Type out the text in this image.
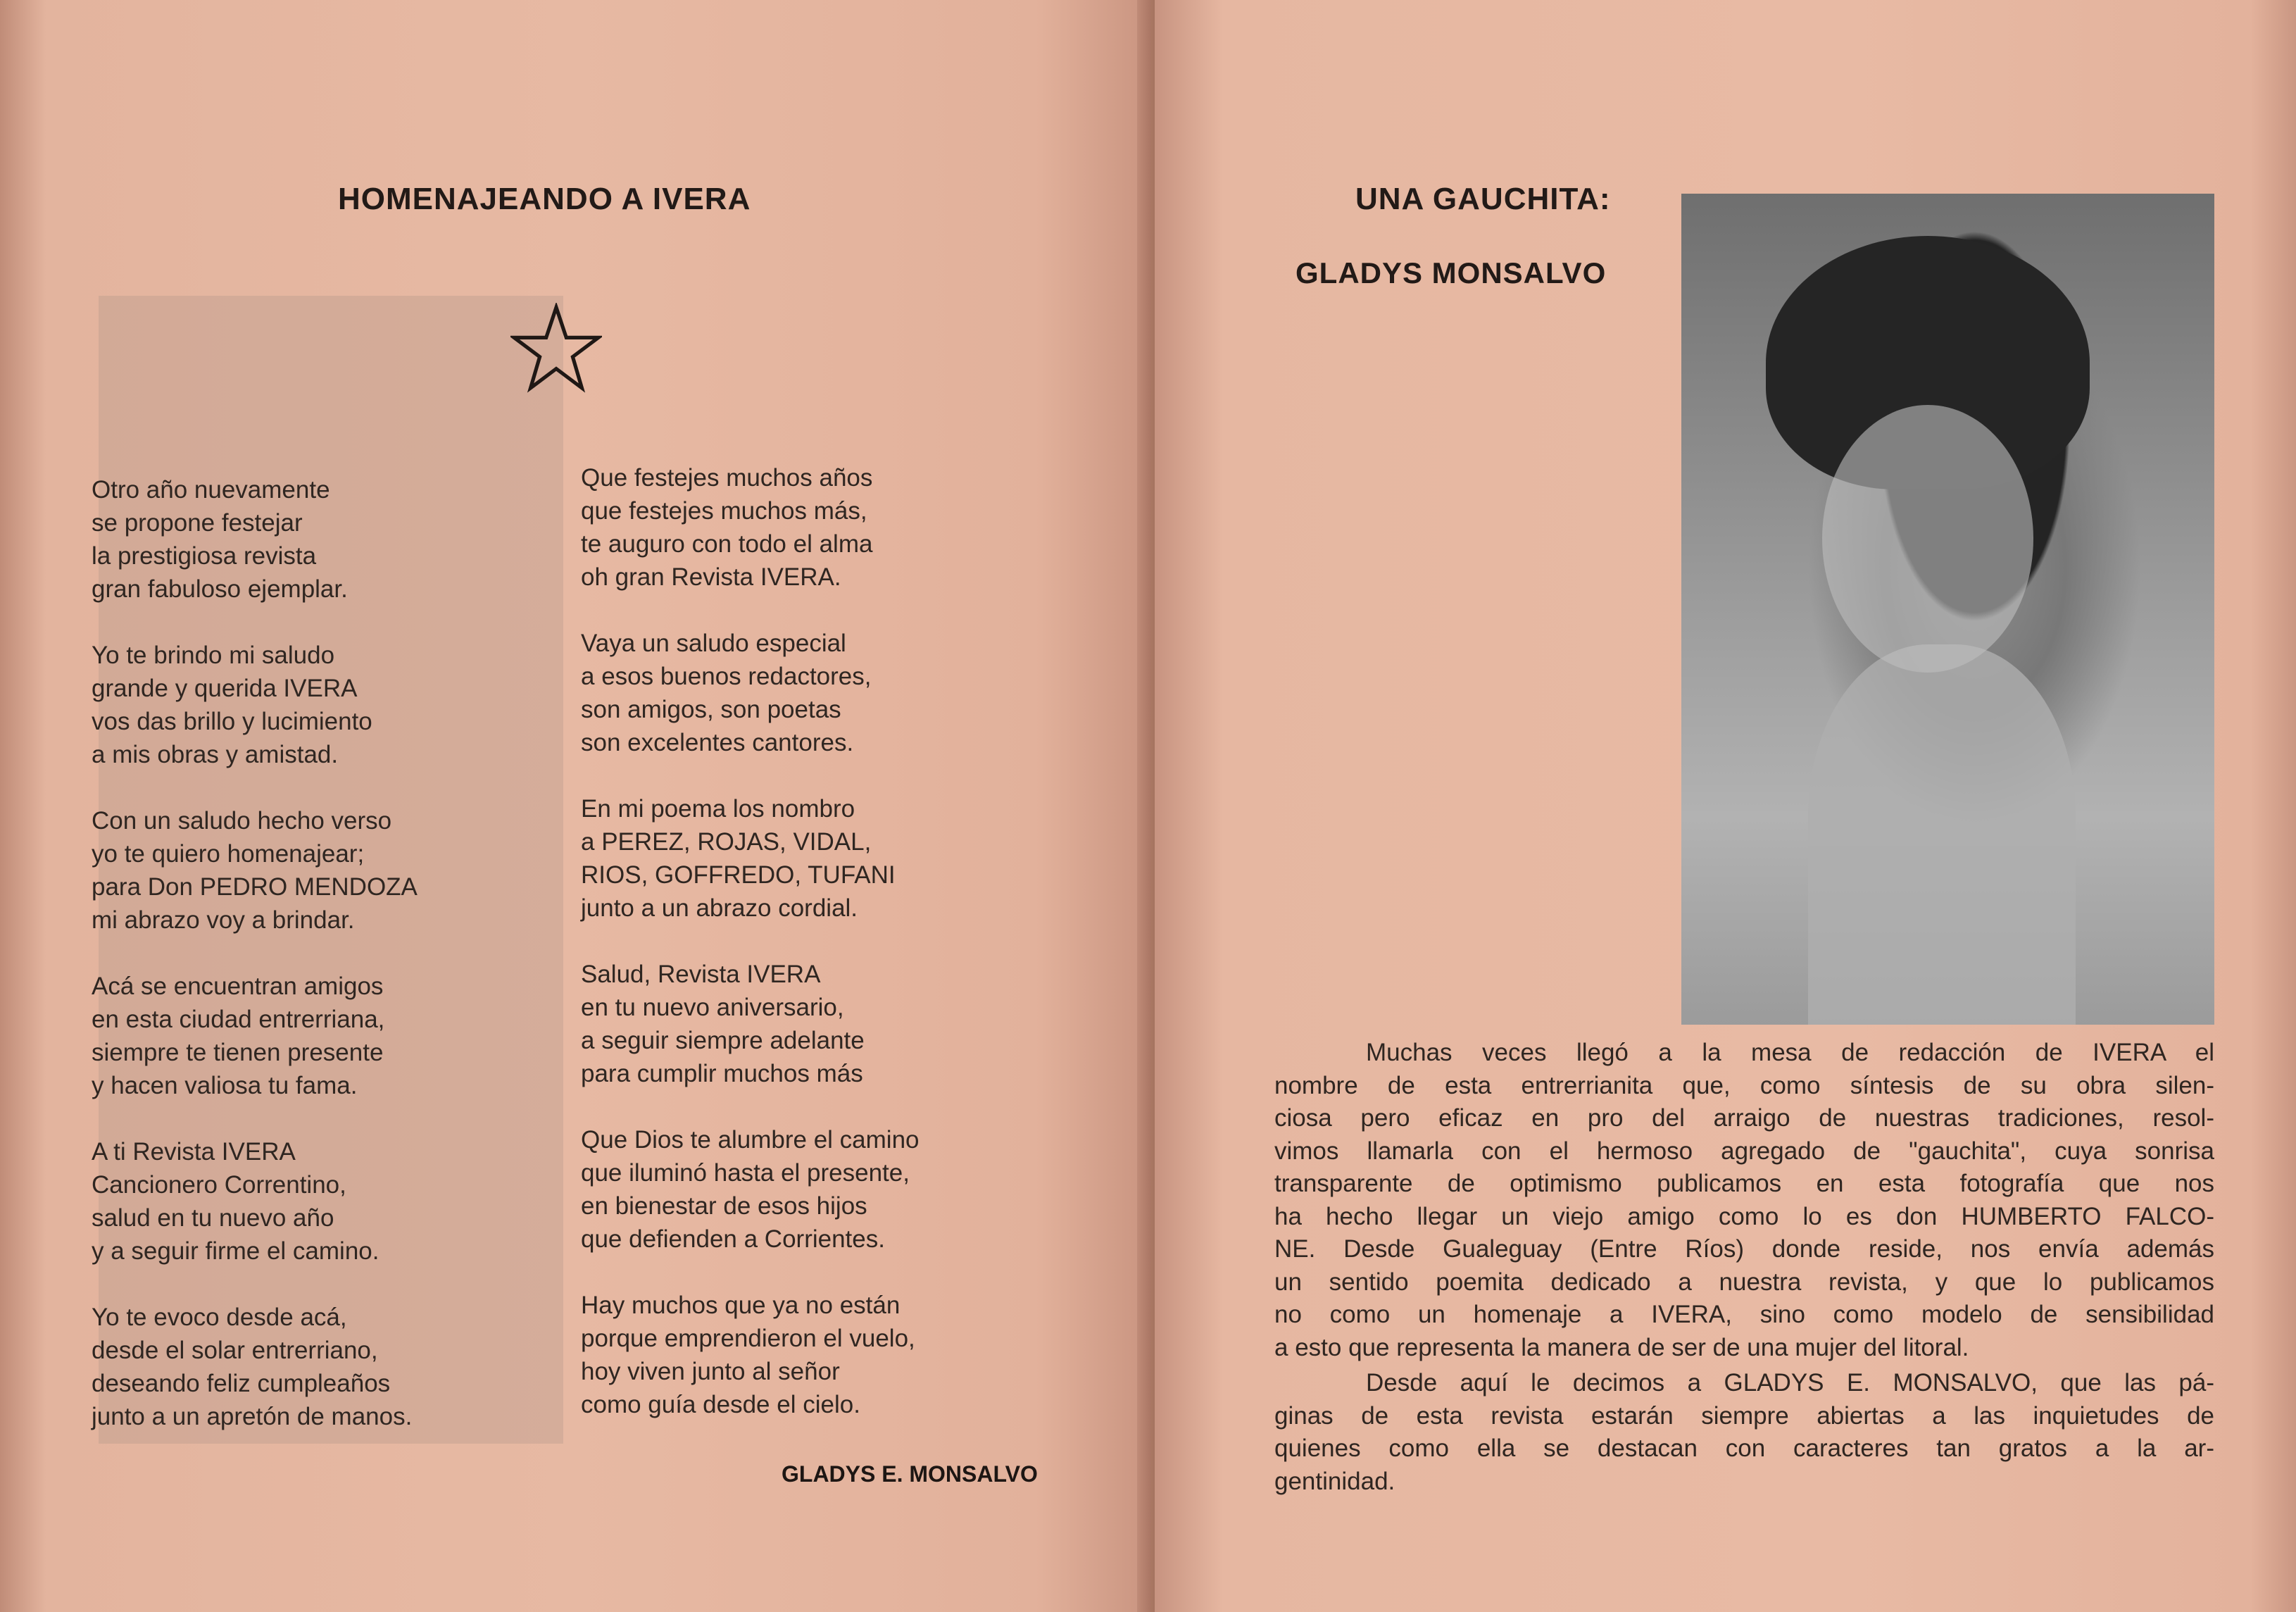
HOMENAJEANDO A IVERA
Otro año nuevamente
se propone festejar
la prestigiosa revista
gran fabuloso ejemplar.
Yo te brindo mi saludo
grande y querida IVERA
vos das brillo y lucimiento
a mis obras y amistad.
Con un saludo hecho verso
yo te quiero homenajear;
para Don PEDRO MENDOZA
mi abrazo voy a brindar.
Acá se encuentran amigos
en esta ciudad entrerriana,
siempre te tienen presente
y hacen valiosa tu fama.
A ti Revista IVERA
Cancionero Correntino,
salud en tu nuevo año
y a seguir firme el camino.
Yo te evoco desde acá,
desde el solar entrerriano,
deseando feliz cumpleaños
junto a un apretón de manos.
Que festejes muchos años
que festejes muchos más,
te auguro con todo el alma
oh gran Revista IVERA.
Vaya un saludo especial
a esos buenos redactores,
son amigos, son poetas
son excelentes cantores.
En mi poema los nombro
a PEREZ, ROJAS, VIDAL,
RIOS, GOFFREDO, TUFANI
junto a un abrazo cordial.
Salud, Revista IVERA
en tu nuevo aniversario,
a seguir siempre adelante
para cumplir muchos más
Que Dios te alumbre el camino
que iluminó hasta el presente,
en bienestar de esos hijos
que defienden a Corrientes.
Hay muchos que ya no están
porque emprendieron el vuelo,
hoy viven junto al señor
como guía desde el cielo.
GLADYS E. MONSALVO
UNA GAUCHITA:
GLADYS MONSALVO
Muchas veces llegó a la mesa de redacción de IVERA el
nombre de esta entrerrianita que, como síntesis de su obra silen-
ciosa pero eficaz en pro del arraigo de nuestras tradiciones, resol-
vimos llamarla con el hermoso agregado de "gauchita", cuya sonrisa
transparente de optimismo publicamos en esta fotografía que nos
ha hecho llegar un viejo amigo como lo es don HUMBERTO FALCO-
NE. Desde Gualeguay (Entre Ríos) donde reside, nos envía además
un sentido poemita dedicado a nuestra revista, y que lo publicamos
no como un homenaje a IVERA, sino como modelo de sensibilidad
a esto que representa la manera de ser de una mujer del litoral.
Desde aquí le decimos a GLADYS E. MONSALVO, que las pá-
ginas de esta revista estarán siempre abiertas a las inquietudes de
quienes como ella se destacan con caracteres tan gratos a la ar-
gentinidad.
